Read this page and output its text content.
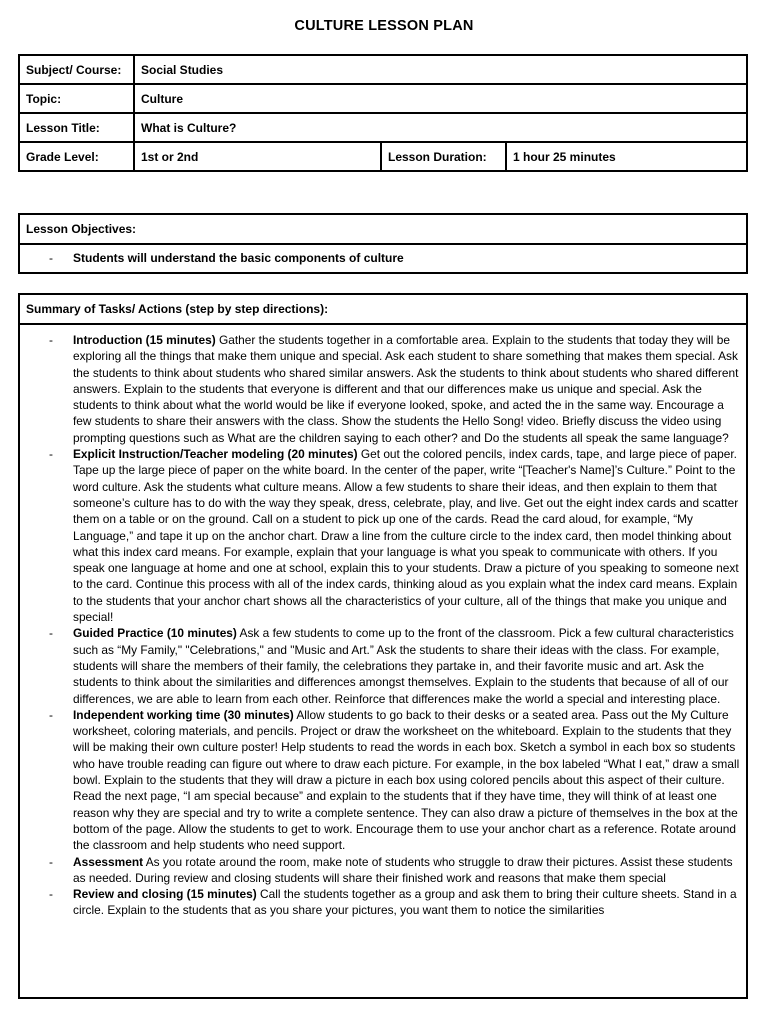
CULTURE LESSON PLAN
Subject/ Course:	Social Studies		
Topic:	Culture		
Lesson Title:	What is Culture?		
Grade Level:	1st or 2nd	Lesson Duration:	1 hour 25 minutes
Lesson Objectives:
- Students will understand the basic components of culture
Summary of Tasks/ Actions (step by step directions):
- Introduction (15 minutes) Gather the students together in a comfortable area. Explain to the students that today they will be exploring all the things that make them unique and special. Ask each student to share something that makes them special. Ask the students to think about students who shared similar answers. Ask the students to think about students who shared different answers. Explain to the students that everyone is different and that our differences make us unique and special. Ask the students to think about what the world would be like if everyone looked, spoke, and acted the in the same way. Encourage a few students to share their answers with the class. Show the students the Hello Song! video. Briefly discuss the video using prompting questions such as What are the children saying to each other? and Do the students all speak the same language?
- Explicit Instruction/Teacher modeling (20 minutes) Get out the colored pencils, index cards, tape, and large piece of paper. Tape up the large piece of paper on the white board. In the center of the paper, write “[Teacher's Name]’s Culture.” Point to the word culture. Ask the students what culture means. Allow a few students to share their ideas, and then explain to them that someone’s culture has to do with the way they speak, dress, celebrate, play, and live. Get out the eight index cards and scatter them on a table or on the ground. Call on a student to pick up one of the cards. Read the card aloud, for example, “My Language,” and tape it up on the anchor chart. Draw a line from the culture circle to the index card, then model thinking about what this index card means. For example, explain that your language is what you speak to communicate with others. If you speak one language at home and one at school, explain this to your students. Draw a picture of you speaking to someone next to the card. Continue this process with all of the index cards, thinking aloud as you explain what the index card means. Explain to the students that your anchor chart shows all the characteristics of your culture, all of the things that make you unique and special!
- Guided Practice (10 minutes) Ask a few students to come up to the front of the classroom. Pick a few cultural characteristics such as “My Family," "Celebrations," and "Music and Art.” Ask the students to share their ideas with the class. For example, students will share the members of their family, the celebrations they partake in, and their favorite music and art. Ask the students to think about the similarities and differences amongst themselves. Explain to the students that because of all of our differences, we are able to learn from each other. Reinforce that differences make the world a special and interesting place.
- Independent working time (30 minutes) Allow students to go back to their desks or a seated area. Pass out the My Culture worksheet, coloring materials, and pencils. Project or draw the worksheet on the whiteboard. Explain to the students that they will be making their own culture poster! Help students to read the words in each box. Sketch a symbol in each box so students who have trouble reading can figure out where to draw each picture. For example, in the box labeled “What I eat,” draw a small bowl. Explain to the students that they will draw a picture in each box using colored pencils about this aspect of their culture. Read the next page, “I am special because” and explain to the students that if they have time, they will think of at least one reason why they are special and try to write a complete sentence. They can also draw a picture of themselves in the box at the bottom of the page. Allow the students to get to work. Encourage them to use your anchor chart as a reference. Rotate around the classroom and help students who need support.
- Assessment As you rotate around the room, make note of students who struggle to draw their pictures. Assist these students as needed. During review and closing students will share their finished work and reasons that make them special
- Review and closing (15 minutes) Call the students together as a group and ask them to bring their culture sheets. Stand in a circle. Explain to the students that as you share your pictures, you want them to notice the similarities
